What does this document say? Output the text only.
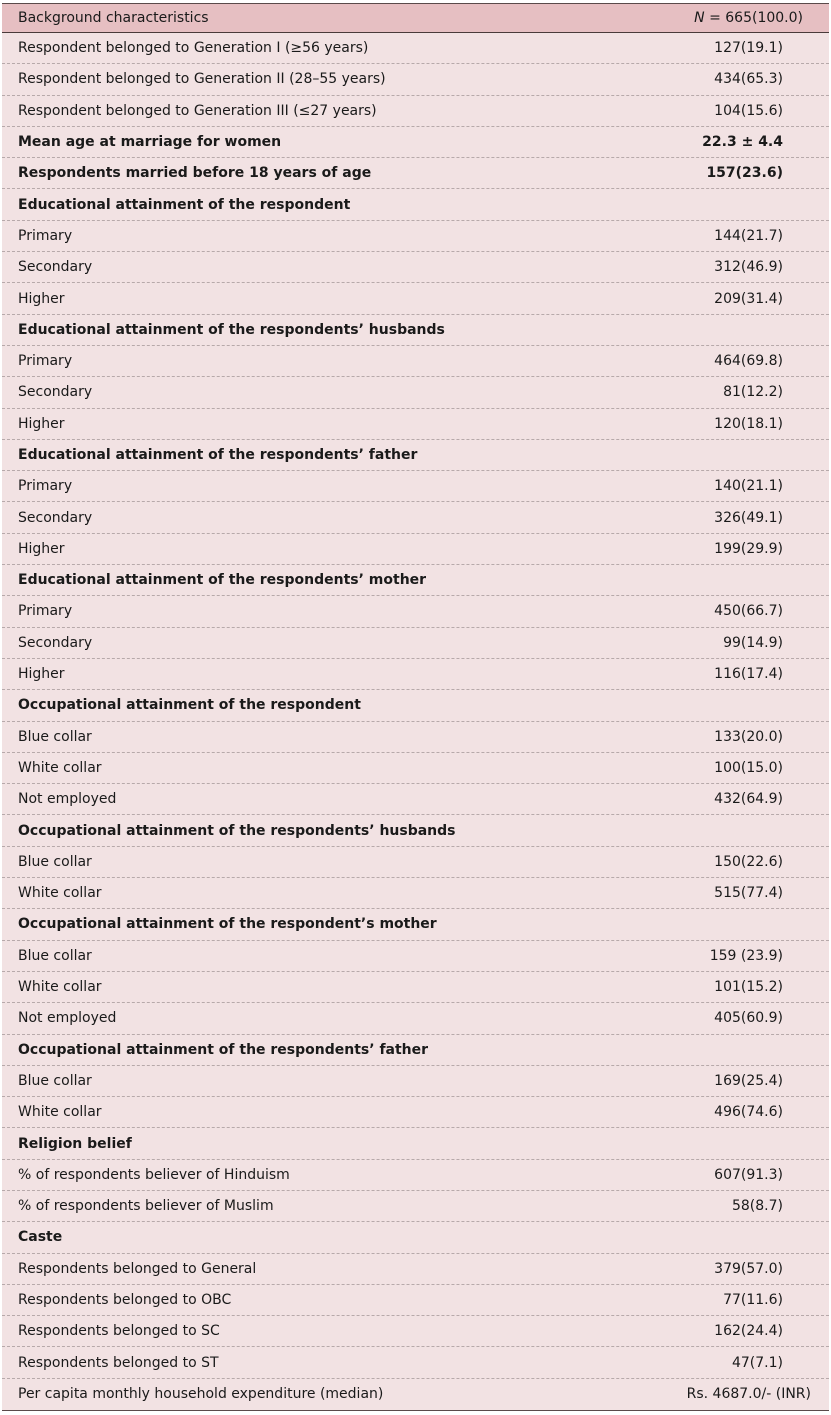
Background characteristics	N = 665(100.0)
Respondent belonged to Generation I (≥56 years)	127(19.1)
Respondent belonged to Generation II (28–55 years)	434(65.3)
Respondent belonged to Generation III (≤27 years)	104(15.6)
Mean age at marriage for women	22.3 ± 4.4
Respondents married before 18 years of age	157(23.6)
Educational attainment of the respondent
Primary	144(21.7)
Secondary	312(46.9)
Higher	209(31.4)
Educational attainment of the respondents’ husbands
Primary	464(69.8)
Secondary	81(12.2)
Higher	120(18.1)
Educational attainment of the respondents’ father
Primary	140(21.1)
Secondary	326(49.1)
Higher	199(29.9)
Educational attainment of the respondents’ mother
Primary	450(66.7)
Secondary	99(14.9)
Higher	116(17.4)
Occupational attainment of the respondent
Blue collar	133(20.0)
White collar	100(15.0)
Not employed	432(64.9)
Occupational attainment of the respondents’ husbands
Blue collar	150(22.6)
White collar	515(77.4)
Occupational attainment of the respondent’s mother
Blue collar	159 (23.9)
White collar	101(15.2)
Not employed	405(60.9)
Occupational attainment of the respondents’ father
Blue collar	169(25.4)
White collar	496(74.6)
Religion belief
% of respondents believer of Hinduism	607(91.3)
% of respondents believer of Muslim	58(8.7)
Caste
Respondents belonged to General	379(57.0)
Respondents belonged to OBC	77(11.6)
Respondents belonged to SC	162(24.4)
Respondents belonged to ST	47(7.1)
Per capita monthly household expenditure (median)	Rs. 4687.0/- (INR)
